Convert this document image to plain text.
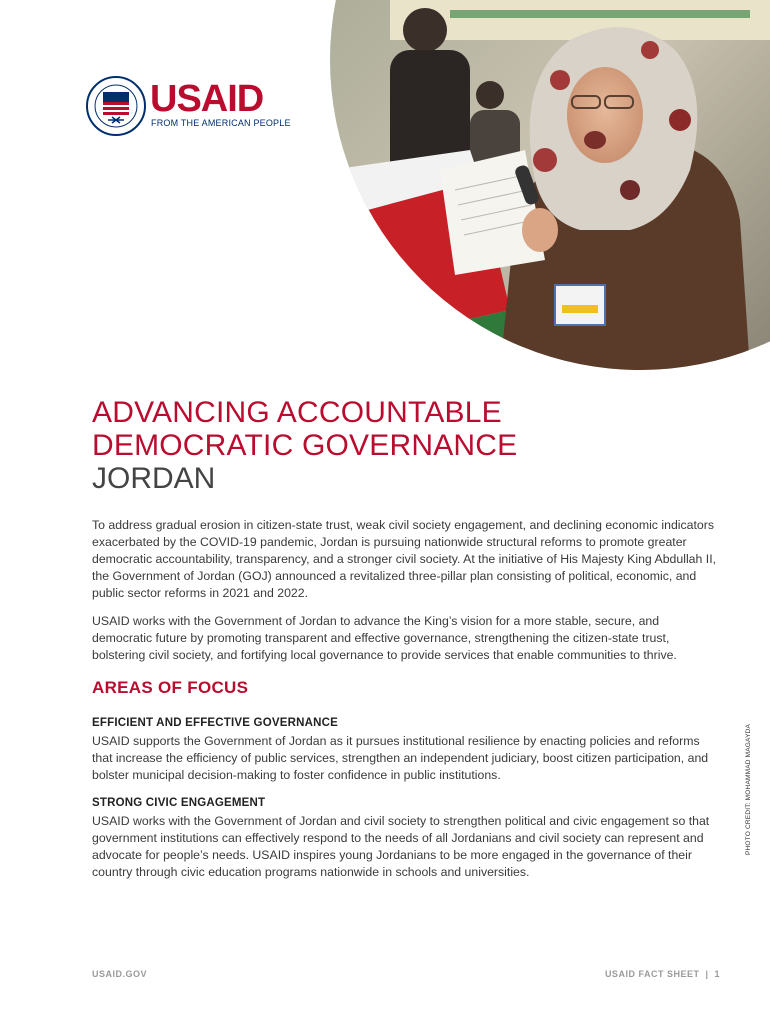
USAID
FROM THE AMERICAN PEOPLE
ADVANCING ACCOUNTABLE
DEMOCRATIC GOVERNANCE
JORDAN

To address gradual erosion in citizen-state trust, weak civil society engagement, and declining economic indicators exacerbated by the COVID-19 pandemic, Jordan is pursuing nationwide structural reforms to promote greater democratic accountability, transparency, and a stronger civil society. At the initiative of His Majesty King Abdullah II, the Government of Jordan (GOJ) announced a revitalized three-pillar plan consisting of political, economic, and public sector reforms in 2021 and 2022.

USAID works with the Government of Jordan to advance the King’s vision for a more stable, secure, and democratic future by promoting transparent and effective governance, strengthening the citizen-state trust, bolstering civil society, and fortifying local governance to provide services that enable communities to thrive.

AREAS OF FOCUS
EFFICIENT AND EFFECTIVE GOVERNANCE

USAID supports the Government of Jordan as it pursues institutional resilience by enacting policies and reforms that increase the efficiency of public services, strengthen an independent judiciary, boost citizen participation, and bolster municipal decision-making to foster confidence in public institutions.

STRONG CIVIC ENGAGEMENT

USAID works with the Government of Jordan and civil society to strengthen political and civic engagement so that government institutions can effectively respond to the needs of all Jordanians and civil society can represent and advocate for people’s needs. USAID inspires young Jordanians to be more engaged in the governance of their country through civic education programs nationwide in schools and universities.

PHOTO CREDIT: MOHAMMAD MAGAYDA
USAID.GOV	USAID FACT SHEET | 1
